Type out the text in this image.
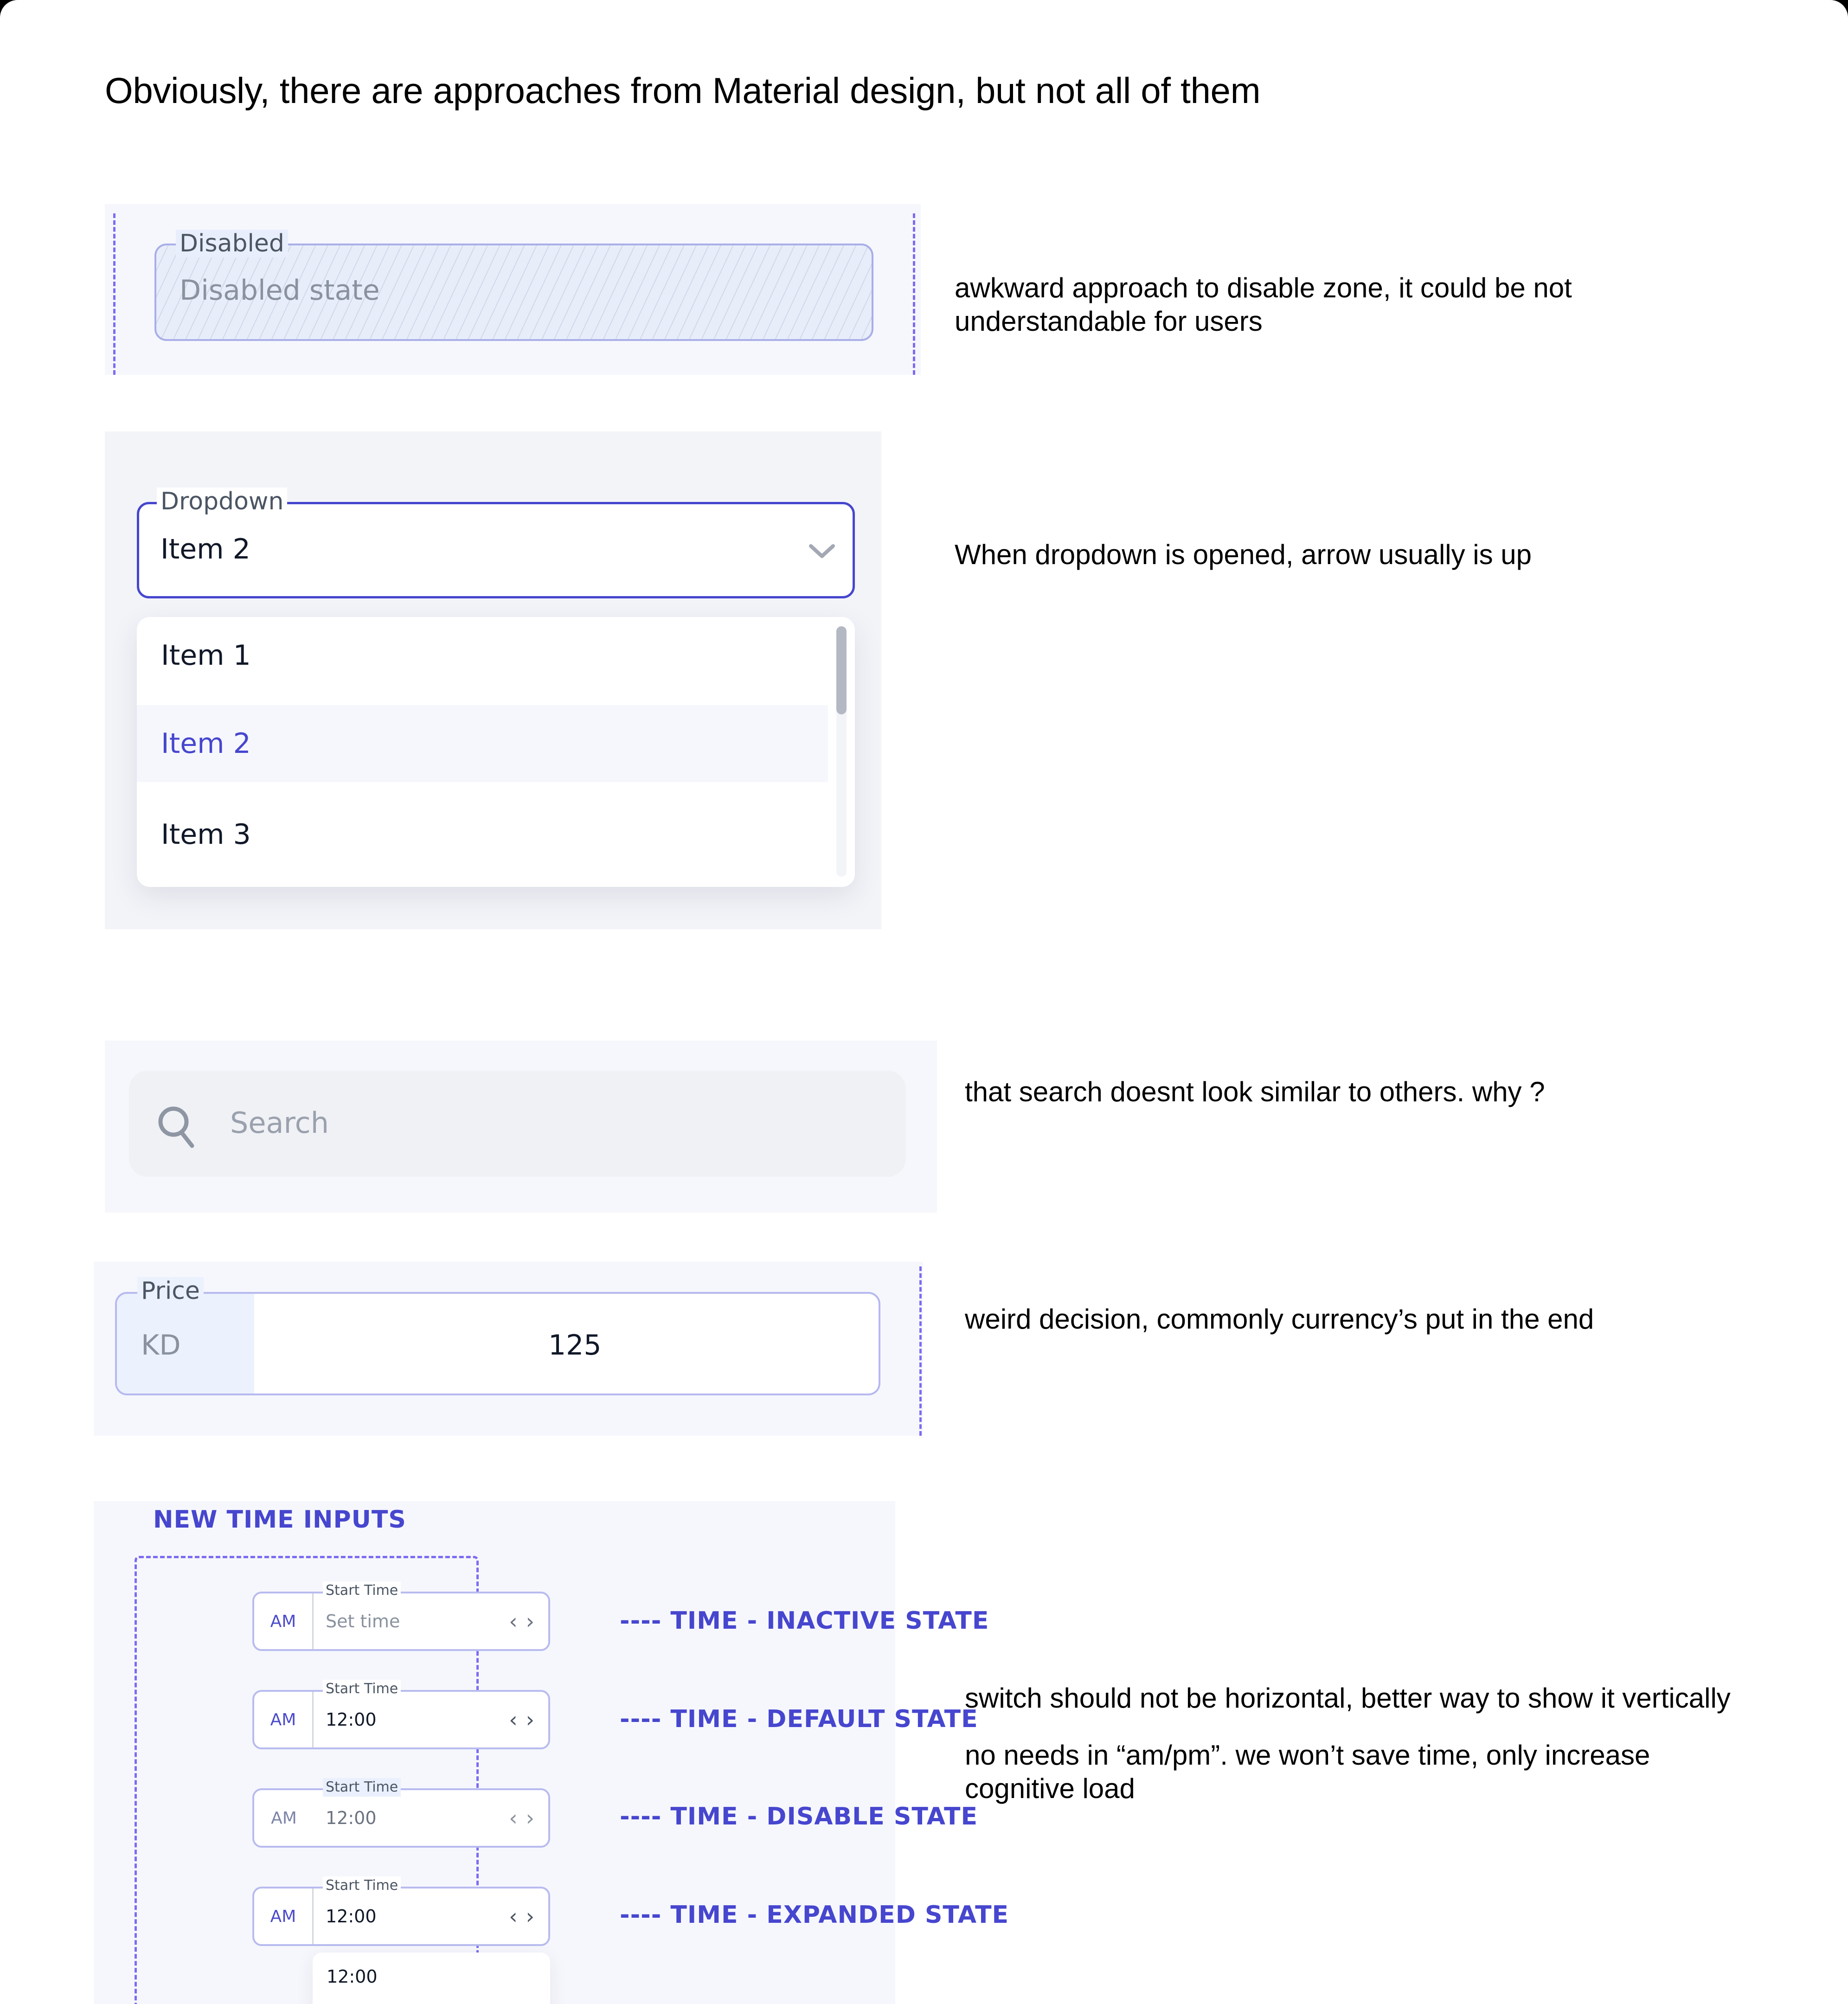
Obviously, there are approaches from Material design, but not all of them
Disabled
Disabled state	awkward approach to disable zone, it could be not understandable for users
Dropdown
Item 2
Item 1
Item 2
Item 3
When dropdown is opened, arrow usually is up
Search
that search doesnt look similar to others. why ?
Price
KD	125
weird decision, commonly currency’s put in the end
NEW TIME INPUTS
AM
Start Time
Set time	‹ ›	---- TIME - INACTIVE STATE
AM
Start Time
12:00	‹ ›	---- TIME - DEFAULT STATE
AM
Start Time
12:00	‹ ›	---- TIME - DISABLE STATE
AM
Start Time
12:00	‹ ›	---- TIME - EXPANDED STATE
12:00
switch should not be horizontal, better way to show it vertically
no needs in “am/pm”. we won’t save time, only increase cognitive load
